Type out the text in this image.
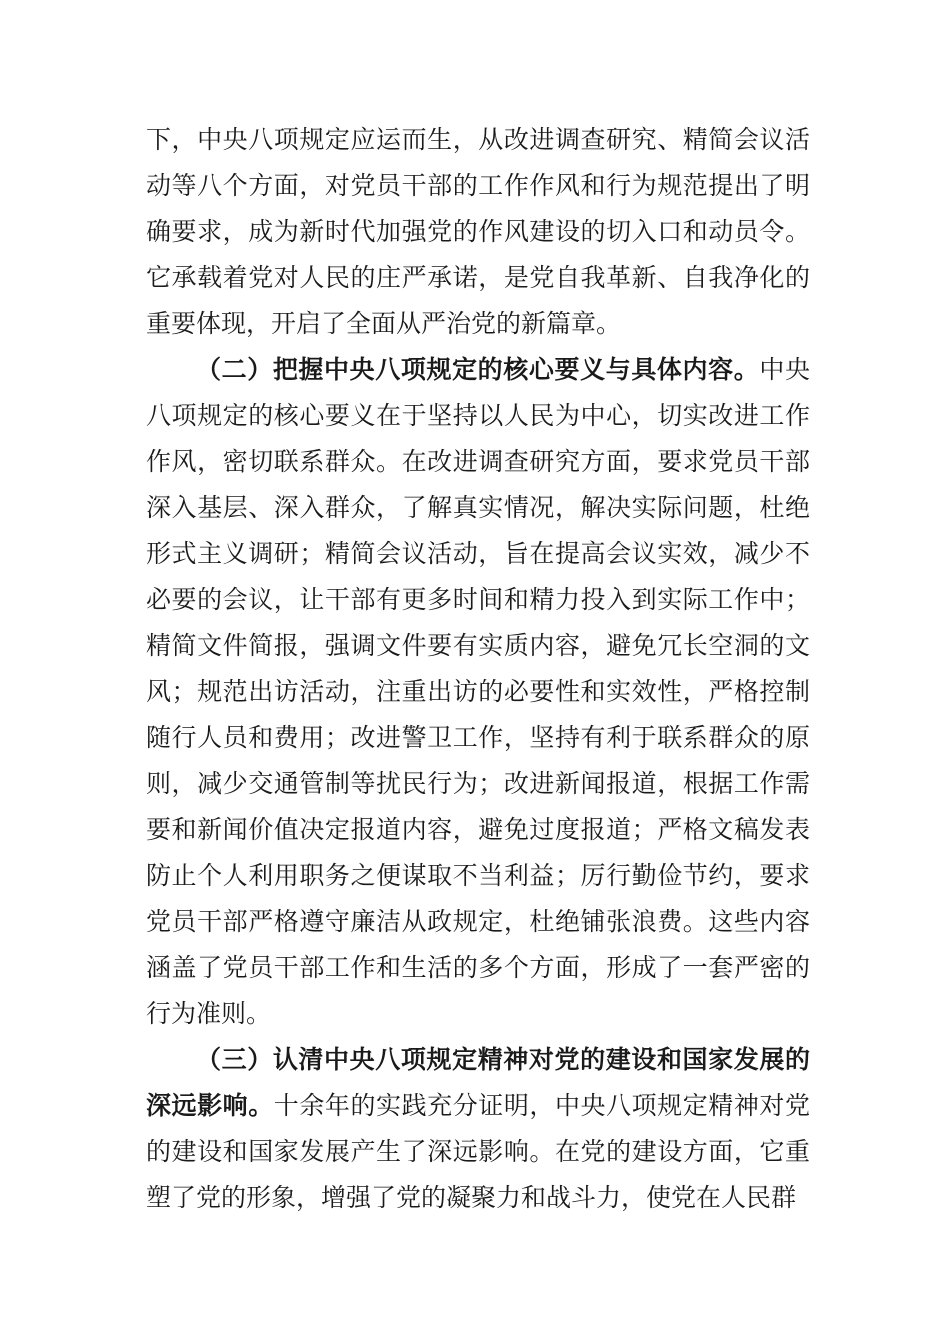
下，中央八项规定应运而生，从改进调查研究、精简会议活动等八个方面，对党员干部的工作作风和行为规范提出了明确要求，成为新时代加强党的作风建设的切入口和动员令。它承载着党对人民的庄严承诺，是党自我革新、自我净化的重要体现，开启了全面从严治党的新篇章。

（二）把握中央八项规定的核心要义与具体内容。中央八项规定的核心要义在于坚持以人民为中心，切实改进工作作风，密切联系群众。在改进调查研究方面，要求党员干部深入基层、深入群众，了解真实情况，解决实际问题，杜绝形式主义调研；精简会议活动，旨在提高会议实效，减少不必要的会议，让干部有更多时间和精力投入到实际工作中；精简文件简报，强调文件要有实质内容，避免冗长空洞的文风；规范出访活动，注重出访的必要性和实效性，严格控制随行人员和费用；改进警卫工作，坚持有利于联系群众的原则，减少交通管制等扰民行为；改进新闻报道，根据工作需要和新闻价值决定报道内容，避免过度报道；严格文稿发表防止个人利用职务之便谋取不当利益；厉行勤俭节约，要求党员干部严格遵守廉洁从政规定，杜绝铺张浪费。这些内容涵盖了党员干部工作和生活的多个方面，形成了一套严密的行为准则。

（三）认清中央八项规定精神对党的建设和国家发展的深远影响。十余年的实践充分证明，中央八项规定精神对党的建设和国家发展产生了深远影响。在党的建设方面，它重塑了党的形象，增强了党的凝聚力和战斗力，使党在人民群
